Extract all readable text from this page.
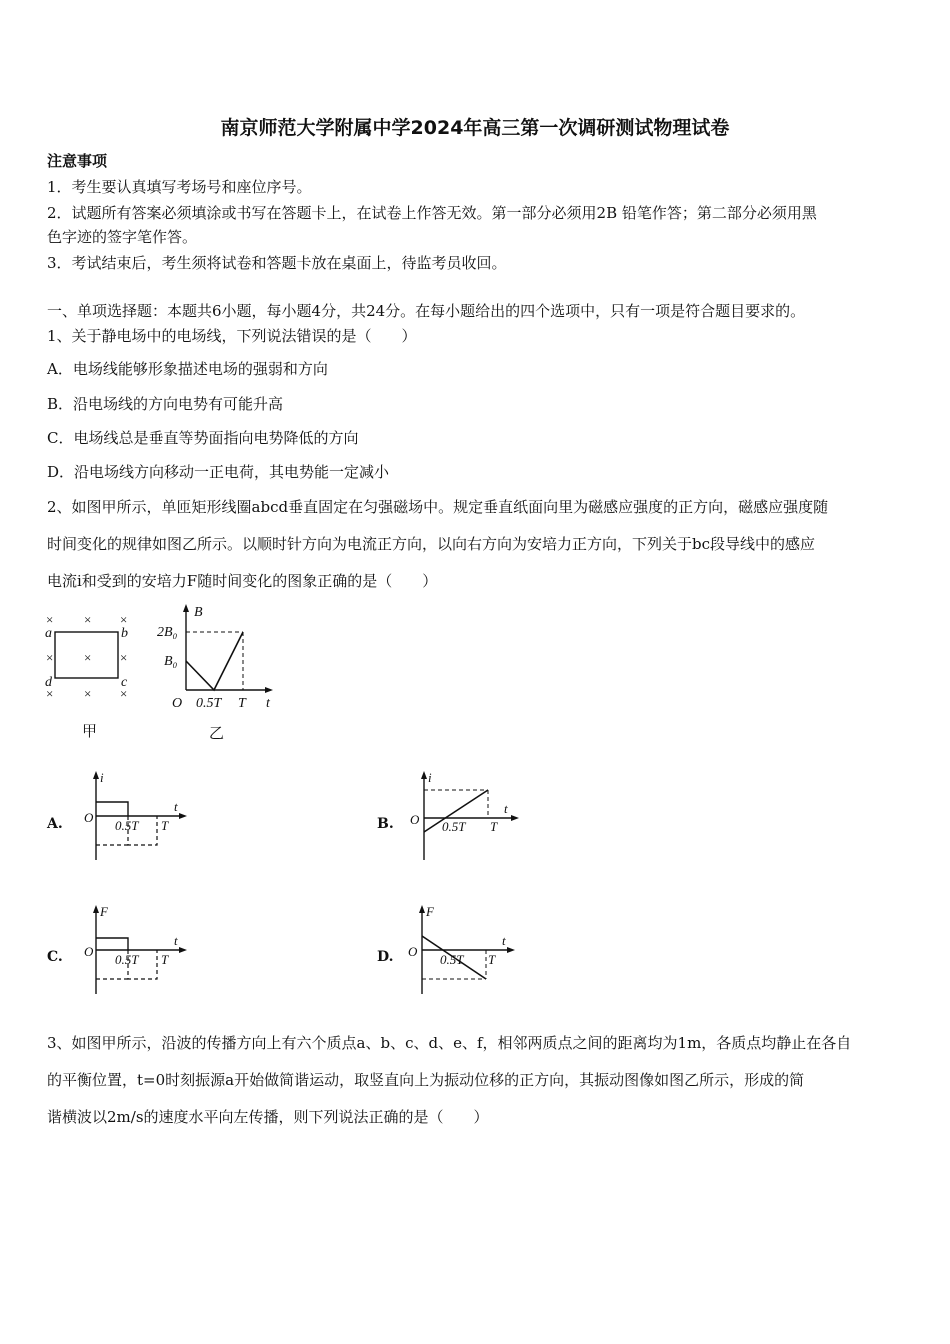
南京师范大学附属中学2024年高三第一次调研测试物理试卷
注意事项
1．考生要认真填写考场号和座位序号。
2．试题所有答案必须填涂或书写在答题卡上，在试卷上作答无效。第一部分必须用2B 铅笔作答；第二部分必须用黑
色字迹的签字笔作答。
3．考试结束后，考生须将试卷和答题卡放在桌面上，待监考员收回。
一、单项选择题：本题共6小题，每小题4分，共24分。在每小题给出的四个选项中，只有一项是符合题目要求的。
1、关于静电场中的电场线，下列说法错误的是（　　）
A．电场线能够形象描述电场的强弱和方向
B．沿电场线的方向电势有可能升高
C．电场线总是垂直等势面指向电势降低的方向
D．沿电场线方向移动一正电荷，其电势能一定减小
2、如图甲所示，单匝矩形线圈abcd垂直固定在匀强磁场中。规定垂直纸面向里为磁感应强度的正方向，磁感应强度随
时间变化的规律如图乙所示。以顺时针方向为电流正方向，以向右方向为安培力正方向，下列关于bc段导线中的感应
电流i和受到的安培力F随时间变化的图象正确的是（　　）
× × ×
× × ×
× × ×
a	b
c
d
甲
B
2B₀
B₀
O 0.5T T t
乙
A.
i
O
0.5T T
t
B.
i
O 0.5T T
t
C.
F
O
0.5T T
t
D.
F
O
0.5T T
t
3、如图甲所示，沿波的传播方向上有六个质点a、b、c、d、e、f，相邻两质点之间的距离均为1m，各质点均静止在各自
的平衡位置，t=0时刻振源a开始做简谐运动，取竖直向上为振动位移的正方向，其振动图像如图乙所示，形成的简
谐横波以2m/s的速度水平向左传播，则下列说法正确的是（　　）
